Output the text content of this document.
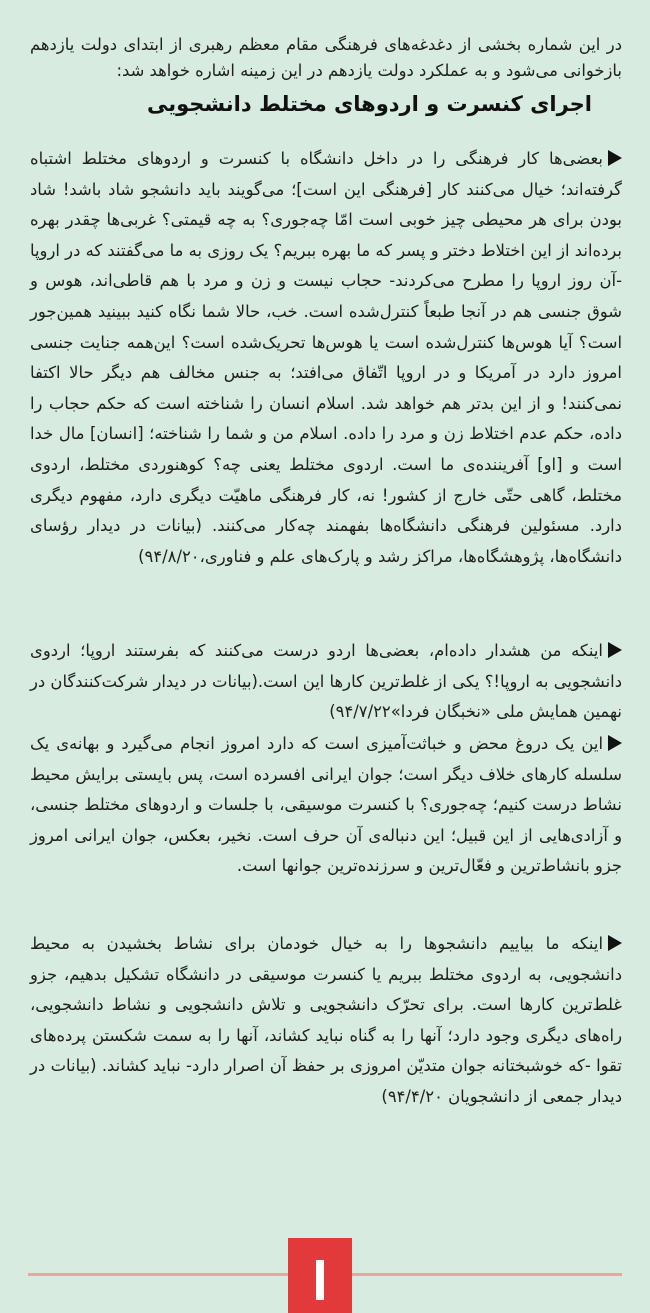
در این شماره بخشی از دغدغه‌های فرهنگی مقام معظم رهبری از ابتدای دولت یازدهم بازخوانی می‌شود و به عملکرد دولت یازدهم در این زمینه اشاره خواهد شد:

اجرای کنسرت و اردوهای مختلط دانشجویی

بعضی‌ها کار فرهنگی را در داخل دانشگاه با کنسرت و اردوهای مختلط اشتباه گرفته‌اند؛ خیال می‌کنند کار [فرهنگی این است]؛ می‌گویند باید دانشجو شاد باشد! شاد بودن برای هر محیطی چیز خوبی است امّا چه‌جوری؟ به چه قیمتی؟ غربی‌ها چقدر بهره برده‌اند از این اختلاط دختر و پسر که ما بهره ببریم؟ یک روزی به ما می‌گفتند که در اروپا -آن روز اروپا را مطرح می‌کردند- حجاب نیست و زن و مرد با هم قاطی‌اند، هوس و شوق جنسی هم در آنجا طبعاً کنترل‌شده است. خب، حالا شما نگاه کنید ببینید همین‌جور است؟ آیا هوس‌ها کنترل‌شده است یا هوس‌ها تحریک‌شده است؟ این‌همه جنایت جنسی امروز دارد در آمریکا و در اروپا اتّفاق می‌افتد؛ به جنس مخالف هم دیگر حالا اکتفا نمی‌کنند! و از این بدتر هم خواهد شد. اسلام انسان را شناخته است که حکم حجاب را داده، حکم عدم اختلاط زن و مرد را داده. اسلام من و شما را شناخته؛ [انسان] مال خدا است و [او] آفریننده‌ی ما است. اردوی مختلط یعنی چه؟ کوهنوردی مختلط، اردوی مختلط، گاهی حتّی خارج از کشور! نه، کار فرهنگی ماهیّت دیگری دارد، مفهوم دیگری دارد. مسئولین فرهنگی دانشگاه‌ها بفهمند چه‌کار می‌کنند. (بیانات در دیدار رؤسای دانشگاه‌ها، پژوهشگاه‌ها، مراکز رشد و پارک‌های علم و فناوری،۹۴/۸/۲۰)

اینکه من هشدار داده‌ام، بعضی‌ها اردو درست می‌کنند که بفرستند اروپا؛ اردوی دانشجویی به اروپا!؟ یکی از غلط‌ترین کارها این است.(بیانات در دیدار شرکت‌کنندگان در نهمین همایش ملی «نخبگان فردا»۹۴/۷/۲۲)

این یک دروغ محض و خباثت‌آمیزی است که دارد امروز انجام می‌گیرد و بهانه‌ی یک سلسله کارهای خلاف دیگر است؛ جوان ایرانی افسرده است، پس بایستی برایش محیط نشاط درست کنیم؛ چه‌جوری؟ با کنسرت موسیقی، با جلسات و اردوهای مختلط جنسی، و آزادی‌هایی از این قبیل؛ این دنباله‌ی آن حرف است. نخیر، بعکس، جوان ایرانی امروز جزو بانشاط‌ترین و فعّال‌ترین و سرزنده‌ترین جوانها است.

اینکه ما بیاییم دانشجوها را به خیال خودمان برای نشاط بخشیدن به محیط دانشجویی، به اردوی مختلط ببریم یا کنسرت موسیقی در دانشگاه تشکیل بدهیم، جزو غلط‌ترین کارها است. برای تحرّک دانشجویی و تلاش دانشجویی و نشاط دانشجویی، راه‌های دیگری وجود دارد؛ آنها را به گناه نباید کشاند، آنها را به سمت شکستن پرده‌های تقوا -که خوشبختانه جوان متدیّن امروزی بر حفظ آن اصرار دارد- نباید کشاند. (بیانات در دیدار جمعی از دانشجویان ۹۴/۴/۲۰)
